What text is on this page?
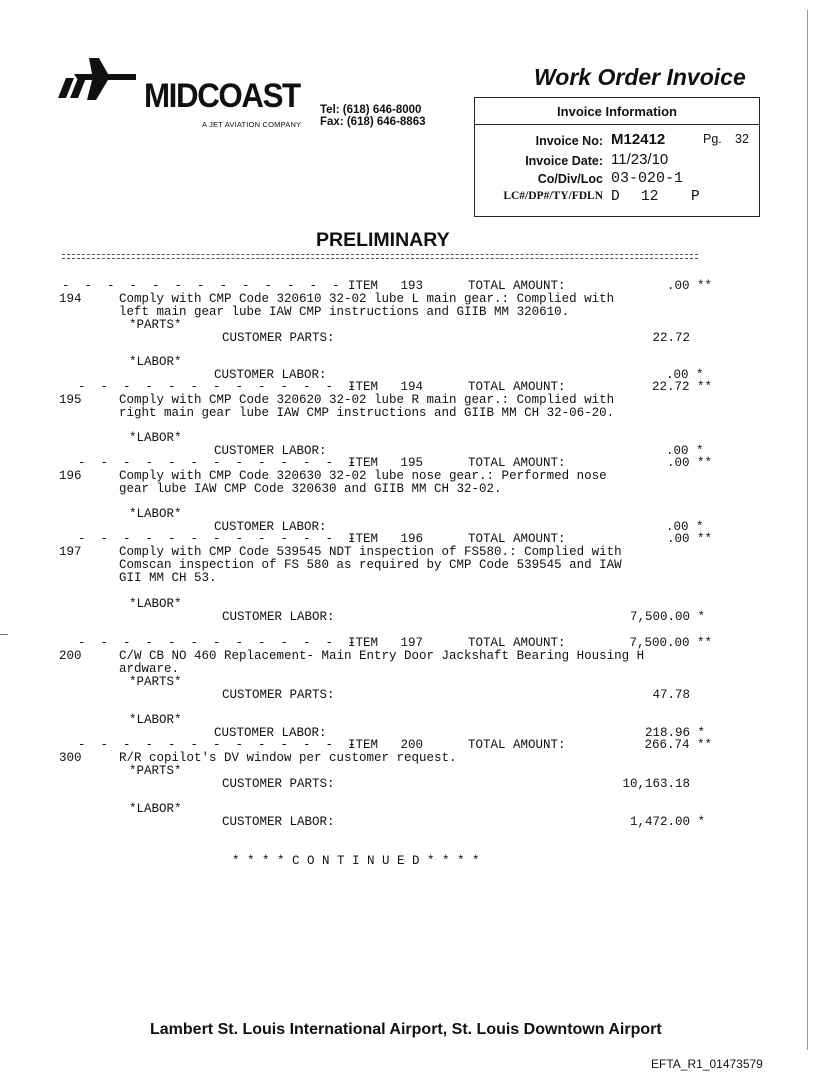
MIDCOAST
A JET AVIATION COMPANY
Tel: (618) 646-8000
Fax: (618) 646-8863
Work Order Invoice
Invoice Information
Invoice No: M12412	Pg. 32
Invoice Date: 11/23/10
Co/Div/Loc 03-020-1
LC#/DP#/TY/FDLN D 12 P
PRELIMINARY
-  -  -  -  -  -  -  -  -  -  -  -  - ITEM   193	TOTAL AMOUNT:	.00 **
194	Comply with CMP Code 320610 32-02 lube L main gear.: Complied with
left main gear lube IAW CMP instructions and GIIB MM 320610.
*PARTS*
CUSTOMER PARTS:	22.72
*LABOR*
CUSTOMER LABOR:	.00 *
-  -  -  -  -  -  -  -  -  -  -  -  -
ITEM   194	TOTAL AMOUNT:	22.72 **
195	Comply with CMP Code 320620 32-02 lube R main gear.: Complied with
right main gear lube IAW CMP instructions and GIIB MM CH 32-06-20.
*LABOR*
CUSTOMER LABOR:	.00 *
-  -  -  -  -  -  -  -  -  -  -  -  -
ITEM   195	TOTAL AMOUNT:	.00 **
196	Comply with CMP Code 320630 32-02 lube nose gear.: Performed nose
gear lube IAW CMP Code 320630 and GIIB MM CH 32-02.
*LABOR*
CUSTOMER LABOR:	.00 *
-  -  -  -  -  -  -  -  -  -  -  -  -
ITEM   196	TOTAL AMOUNT:	.00 **
197	Comply with CMP Code 539545 NDT inspection of FS580.: Complied with
Comscan inspection of FS 580 as required by CMP Code 539545 and IAW
GII MM CH 53.
*LABOR*
CUSTOMER LABOR:	7,500.00 *
-  -  -  -  -  -  -  -  -  -  -  -  -
ITEM   197	TOTAL AMOUNT:	7,500.00 **
200	C/W CB NO 460 Replacement- Main Entry Door Jackshaft Bearing Housing H
ardware.
*PARTS*
CUSTOMER PARTS:	47.78
*LABOR*
CUSTOMER LABOR:	218.96 *
-  -  -  -  -  -  -  -  -  -  -  -  -
ITEM   200	TOTAL AMOUNT:	266.74 **
300	R/R copilot's DV window per customer request.
*PARTS*
CUSTOMER PARTS:	10,163.18
*LABOR*
CUSTOMER LABOR:	1,472.00 *
* * * * C O N T I N U E D * * * *
Lambert St. Louis International Airport, St. Louis Downtown Airport
EFTA_R1_01473579
